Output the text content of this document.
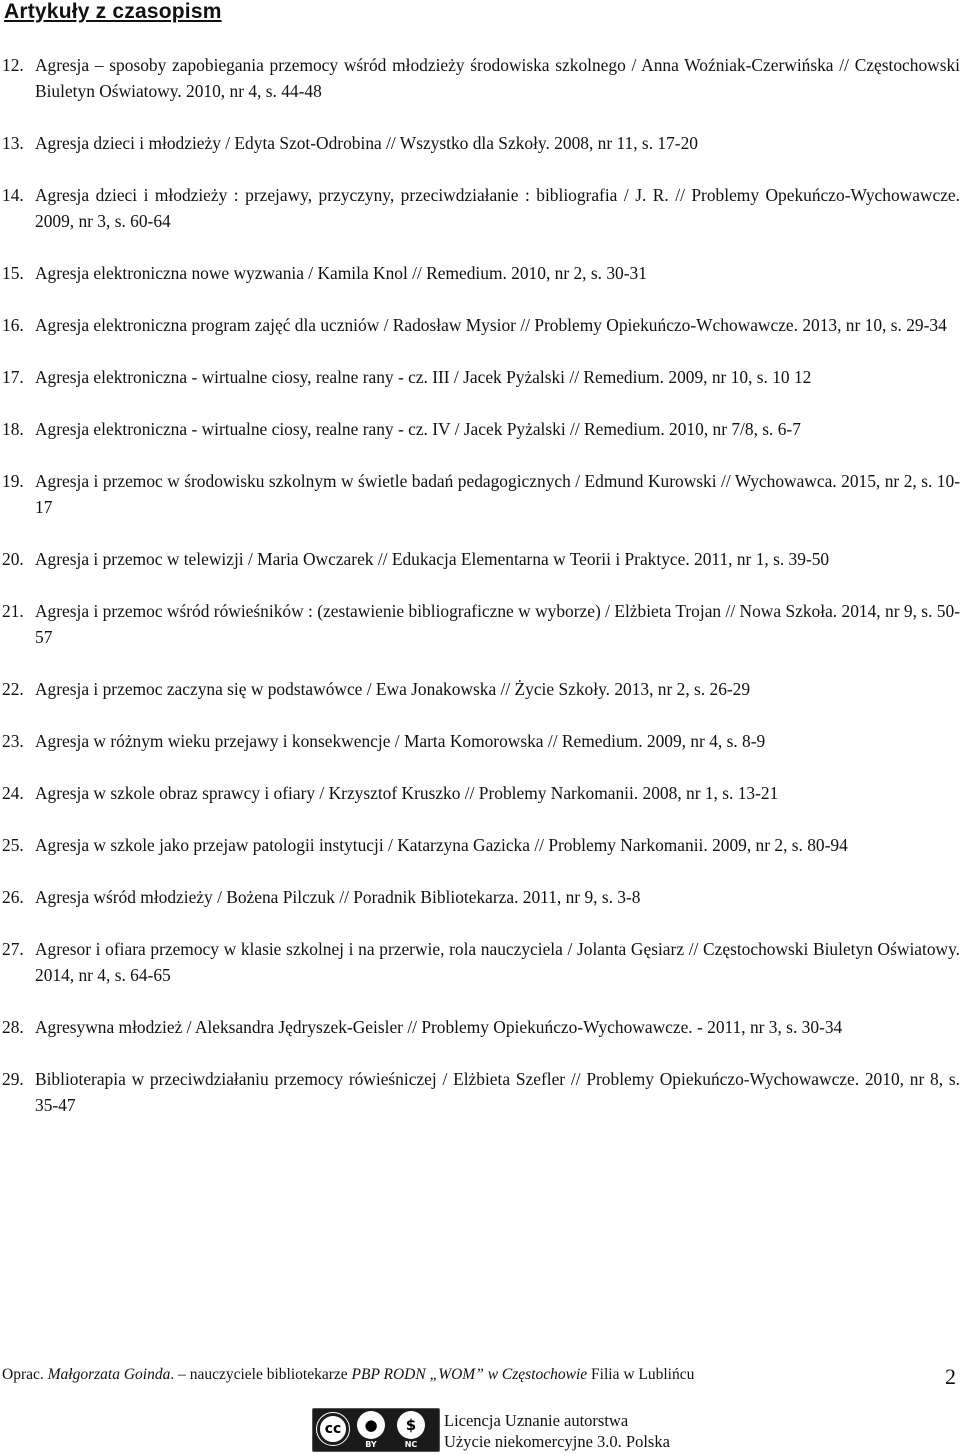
Artykuły z czasopism
12. Agresja – sposoby zapobiegania przemocy wśród młodzieży środowiska szkolnego / Anna Woźniak-Czerwińska // Częstochowski Biuletyn Oświatowy. 2010, nr 4, s. 44-48
13. Agresja dzieci i młodzieży / Edyta Szot-Odrobina // Wszystko dla Szkoły. 2008, nr 11, s. 17-20
14. Agresja dzieci i młodzieży : przejawy, przyczyny, przeciwdziałanie : bibliografia / J. R. // Problemy Opekuńczo-Wychowawcze. 2009, nr 3, s. 60-64
15. Agresja elektroniczna nowe wyzwania / Kamila Knol // Remedium. 2010, nr 2, s. 30-31
16. Agresja elektroniczna program zajęć dla uczniów / Radosław Mysior // Problemy Opiekuńczo-Wchowawcze. 2013, nr 10, s. 29-34
17. Agresja elektroniczna - wirtualne ciosy, realne rany - cz. III / Jacek Pyżalski // Remedium. 2009, nr 10, s. 10 12
18. Agresja elektroniczna - wirtualne ciosy, realne rany - cz. IV / Jacek Pyżalski // Remedium. 2010, nr 7/8, s. 6-7
19. Agresja i przemoc w środowisku szkolnym w świetle badań pedagogicznych / Edmund Kurowski // Wychowawca. 2015, nr 2, s. 10-17
20. Agresja i przemoc w telewizji / Maria Owczarek // Edukacja Elementarna w Teorii i Praktyce. 2011, nr 1, s. 39-50
21. Agresja i przemoc wśród rówieśników : (zestawienie bibliograficzne w wyborze) / Elżbieta Trojan // Nowa Szkoła. 2014, nr 9, s. 50-57
22. Agresja i przemoc zaczyna się w podstawówce / Ewa Jonakowska // Życie Szkoły. 2013, nr 2, s. 26-29
23. Agresja w różnym wieku przejawy i konsekwencje / Marta Komorowska // Remedium. 2009, nr 4, s. 8-9
24. Agresja w szkole obraz sprawcy i ofiary / Krzysztof Kruszko // Problemy Narkomanii. 2008, nr 1, s. 13-21
25. Agresja w szkole jako przejaw patologii instytucji / Katarzyna Gazicka // Problemy Narkomanii. 2009, nr 2, s. 80-94
26. Agresja wśród młodzieży / Bożena Pilczuk // Poradnik Bibliotekarza. 2011, nr 9, s. 3-8
27. Agresor i ofiara przemocy w klasie szkolnej i na przerwie, rola nauczyciela / Jolanta Gęsiarz // Częstochowski Biuletyn Oświatowy. 2014, nr 4, s. 64-65
28. Agresywna młodzież / Aleksandra Jędryszek-Geisler // Problemy Opiekuńczo-Wychowawcze. - 2011, nr 3, s. 30-34
29. Biblioterapia w przeciwdziałaniu przemocy rówieśniczej / Elżbieta Szefler // Problemy Opiekuńczo-Wychowawcze. 2010, nr 8, s. 35-47
Oprac. Małgorzata Goinda. – nauczyciele bibliotekarze PBP RODN „WOM” w Częstochowie Filia w Lublińcu	2
cc	●
BY
$
NC
Licencja Uznanie autorstwa
Użycie niekomercyjne 3.0. Polska
